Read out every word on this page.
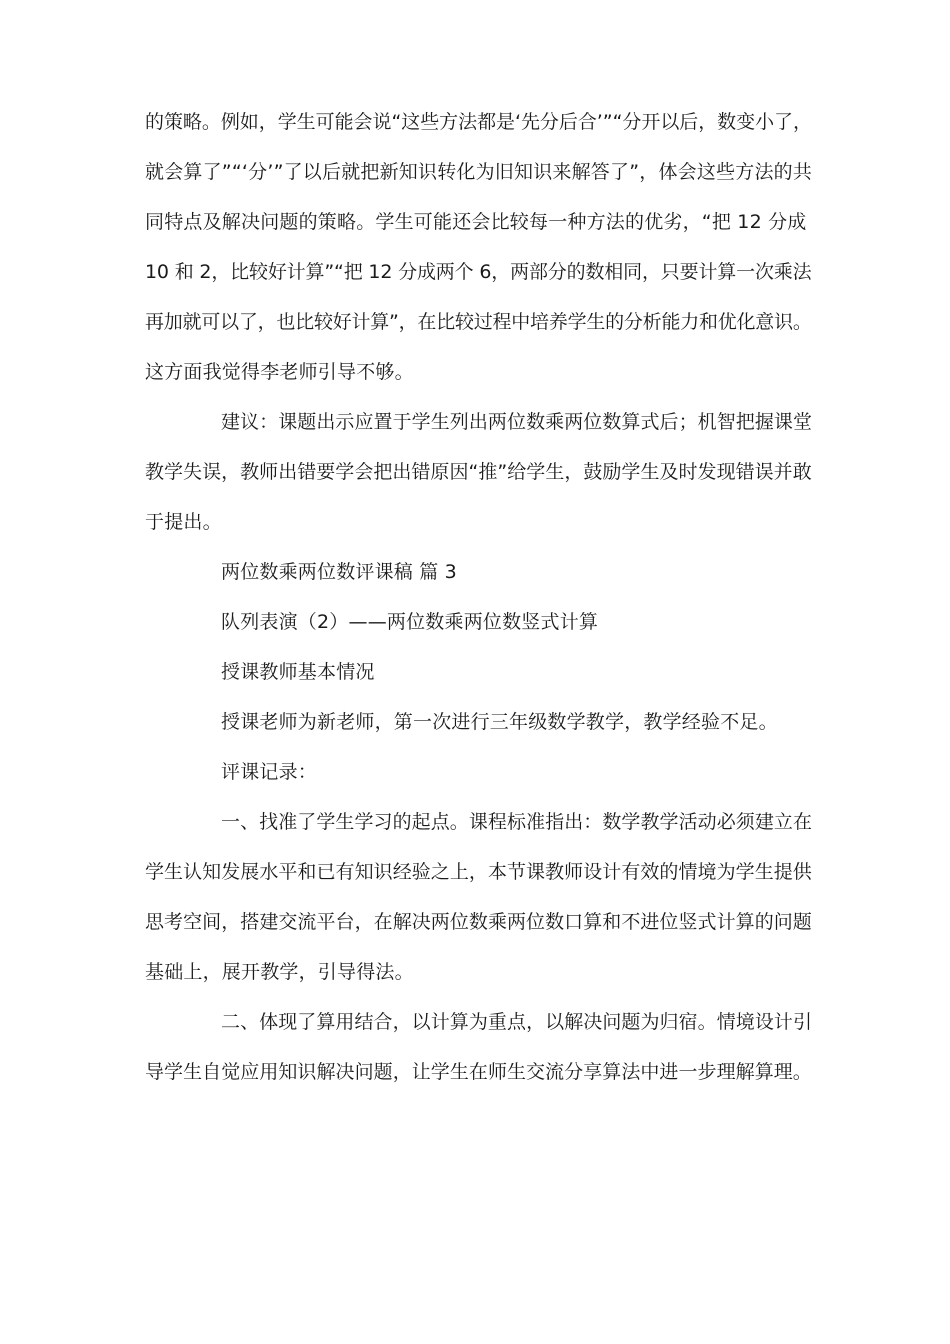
的策略。例如，学生可能会说“这些方法都是‘先分后合’”“分开以后，数变小了，
就会算了”“‘分’”了以后就把新知识转化为旧知识来解答了”，体会这些方法的共
同特点及解决问题的策略。学生可能还会比较每一种方法的优劣，“把 12 分成
10 和 2，比较好计算”“把 12 分成两个 6，两部分的数相同，只要计算一次乘法
再加就可以了，也比较好计算”，在比较过程中培养学生的分析能力和优化意识。
这方面我觉得李老师引导不够。
建议：课题出示应置于学生列出两位数乘两位数算式后；机智把握课堂
教学失误，教师出错要学会把出错原因“推”给学生，鼓励学生及时发现错误并敢
于提出。
两位数乘两位数评课稿 篇 3
队列表演（2）——两位数乘两位数竖式计算
授课教师基本情况
授课老师为新老师，第一次进行三年级数学教学，教学经验不足。
评课记录：
一、找准了学生学习的起点。课程标准指出：数学教学活动必须建立在
学生认知发展水平和已有知识经验之上，本节课教师设计有效的情境为学生提供
思考空间，搭建交流平台，在解决两位数乘两位数口算和不进位竖式计算的问题
基础上，展开教学，引导得法。
二、体现了算用结合，以计算为重点，以解决问题为归宿。情境设计引
导学生自觉应用知识解决问题，让学生在师生交流分享算法中进一步理解算理。
